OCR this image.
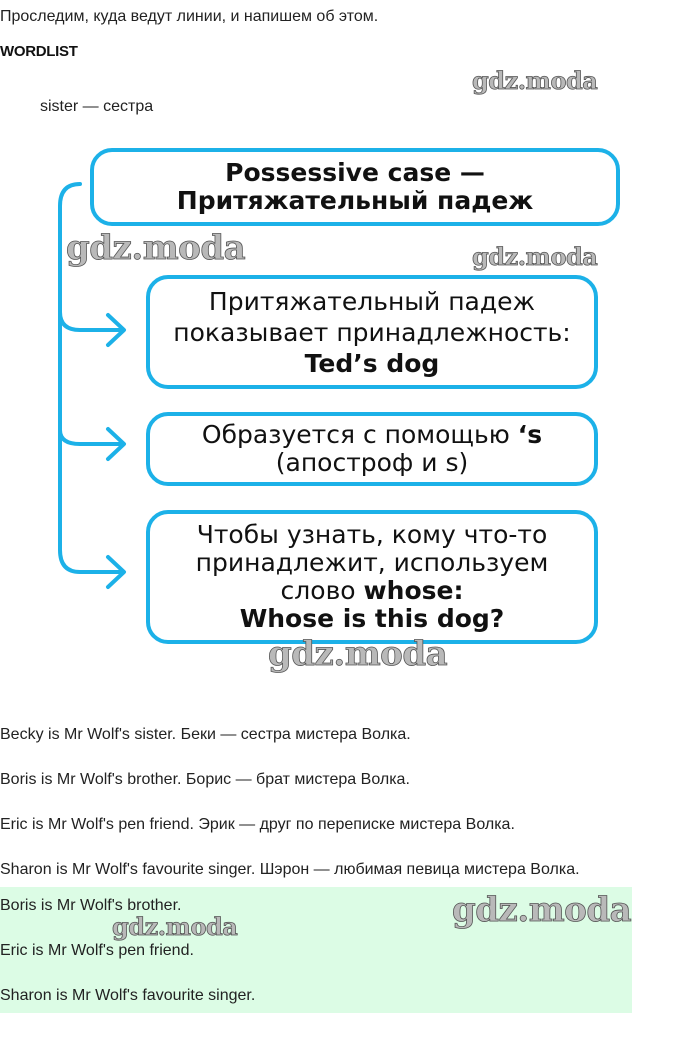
Проследим, куда ведут линии, и напишем об этом.
WORDLIST
sister — сестра
gdz.moda
Possessive case — Притяжательный падеж
gdz.moda	gdz.moda
Притяжательный падеж
показывает принадлежность:
Ted’s dog
Образуется с помощью ‘s
(апостроф и s)
Чтобы узнать, кому что-то
принадлежит, используем
слово whose:
Whose is this dog?
gdz.moda
Becky is Mr Wolf's sister. Беки — сестра мистера Волка.
Boris is Mr Wolf's brother. Борис — брат мистера Волка.
Eric is Mr Wolf's pen friend. Эрик — друг по переписке мистера Волка.
Sharon is Mr Wolf's favourite singer. Шэрон — любимая певица мистера Волка.
Boris is Mr Wolf's brother.
Eric is Mr Wolf's pen friend.
Sharon is Mr Wolf's favourite singer.
gdz.moda	gdz.moda
